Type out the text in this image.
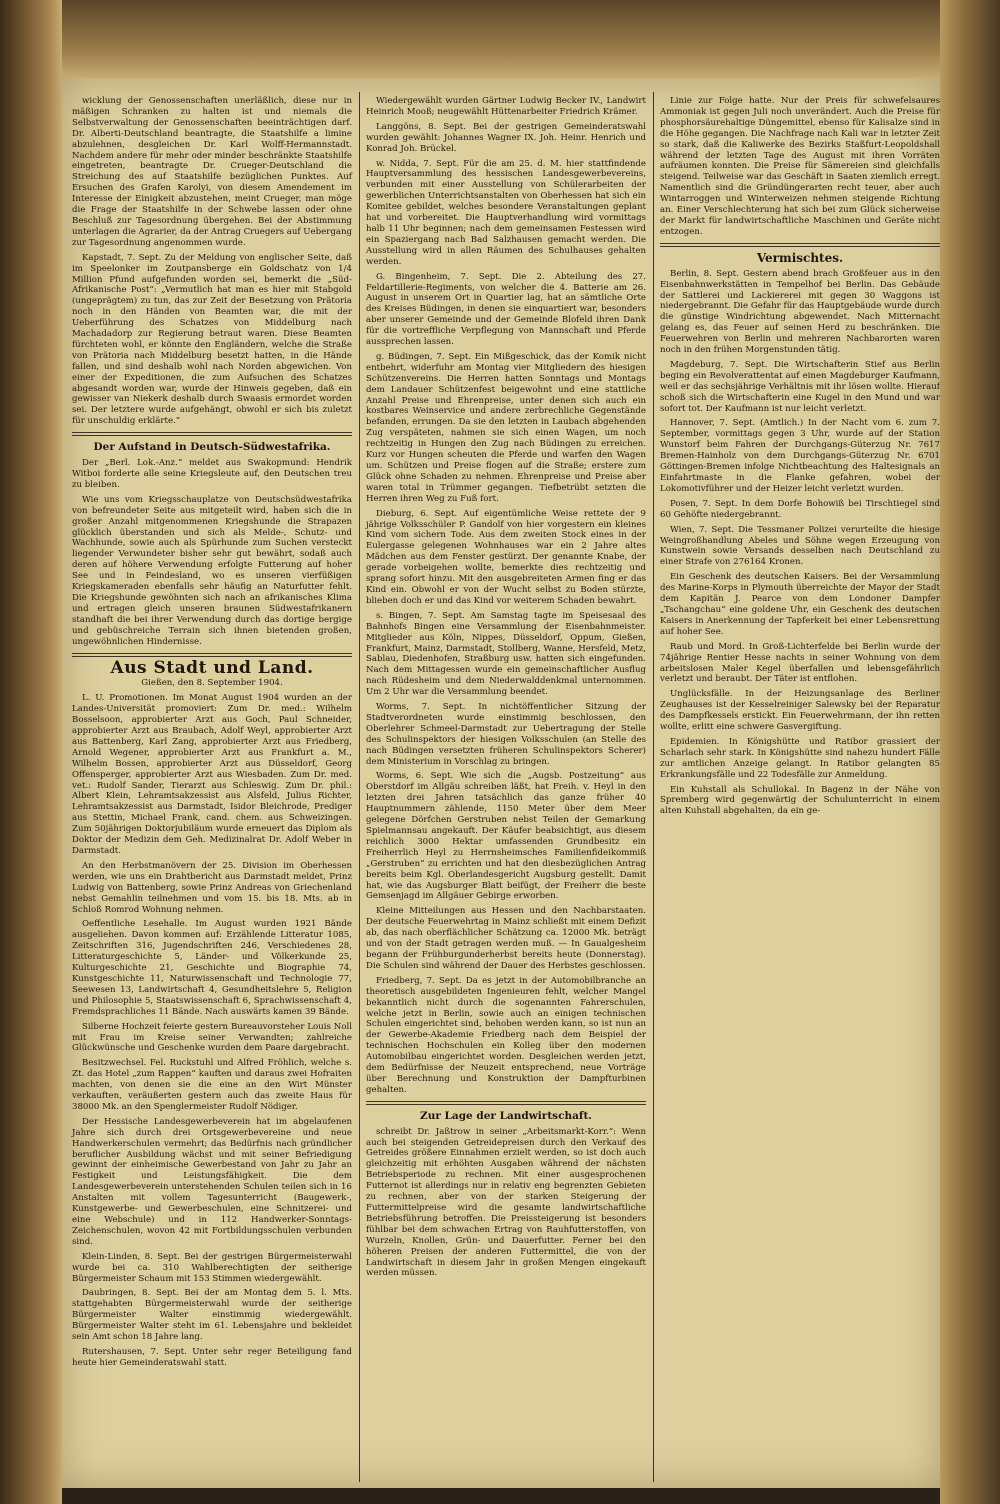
wicklung der Genossenschaften unerläßlich, diese nur in mäßigen Schranken zu halten ist und niemals die Selbstverwaltung der Genossenschaften beeinträchtigen darf. Dr. Alberti-Deutschland beantragte, die Staatshilfe a limine abzulehnen, desgleichen Dr. Karl Wolff-Hermannstadt. Nachdem andere für mehr oder minder beschränkte Staatshilfe eingetreten, beantragte Dr. Crueger-Deutschland die Streichung des auf Staatshilfe bezüglichen Punktes. Auf Ersuchen des Grafen Karolyi, von diesem Amendement im Interesse der Einigkeit abzustehen, meint Crueger, man möge die Frage der Staatshilfe in der Schwebe lassen oder ohne Beschluß zur Tagesordnung übergehen. Bei der Abstimmung unterlagen die Agrarier, da der Antrag Cruegers auf Uebergang zur Tagesordnung angenommen wurde.

Kapstadt, 7. Sept. Zu der Meldung von englischer Seite, daß im Speelonker im Zoutpansberge ein Goldschatz von 1/4 Million Pfund aufgefunden worden sei, bemerkt die „Süd-Afrikanische Post“: „Vermutlich hat man es hier mit Stabgold (ungeprägtem) zu tun, das zur Zeit der Besetzung von Prätoria noch in den Händen von Beamten war, die mit der Ueberführung des Schatzes von Middelburg nach Machadadorp zur Regierung betraut waren. Diese Beamten fürchteten wohl, er könnte den Engländern, welche die Straße von Prätoria nach Middelburg besetzt hatten, in die Hände fallen, und sind deshalb wohl nach Norden abgewichen. Von einer der Expeditionen, die zum Aufsuchen des Schatzes abgesandt worden war, wurde der Hinweis gegeben, daß ein gewisser van Niekerk deshalb durch Swaasis ermordet worden sei. Der letztere wurde aufgehängt, obwohl er sich bis zuletzt für unschuldig erklärte.“

Der Aufstand in Deutsch-Südwestafrika.

Der „Berl. Lok.-Anz.“ meldet aus Swakopmund: Hendrik Witboi forderte alle seine Kriegsleute auf, den Deutschen treu zu bleiben.

Wie uns vom Kriegsschauplatze von Deutschsüdwestafrika von befreundeter Seite aus mitgeteilt wird, haben sich die in großer Anzahl mitgenommenen Kriegshunde die Strapazen glücklich überstanden und sich als Melde-, Schutz- und Wachhunde, sowie auch als Spürhunde zum Suchen versteckt liegender Verwundeter bisher sehr gut bewährt, sodaß auch deren auf höhere Verwendung erfolgte Futterung auf hoher See und in Feindesland, wo es unseren vierfüßigen Kriegskameraden ebenfalls sehr häufig an Naturfutter fehlt. Die Kriegshunde gewöhnten sich nach an afrikanisches Klima und ertragen gleich unseren braunen Südwestafrikanern standhaft die bei ihrer Verwendung durch das dortige bergige und gebüschreiche Terrain sich ihnen bietenden großen, ungewöhnlichen Hindernisse.

Aus Stadt und Land.
Gießen, den 8. September 1904.

L. U. Promotionen. Im Monat August 1904 wurden an der Landes-Universität promoviert: Zum Dr. med.: Wilhelm Bosselsoon, approbierter Arzt aus Goch, Paul Schneider, approbierter Arzt aus Braubach, Adolf Weyl, approbierter Arzt aus Battenberg, Karl Zang, approbierter Arzt aus Friedberg, Arnold Wegener, approbierter Arzt aus Frankfurt a. M., Wilhelm Bossen, approbierter Arzt aus Düsseldorf, Georg Offensperger, approbierter Arzt aus Wiesbaden. Zum Dr. med. vet.: Rudolf Sander, Tierarzt aus Schleswig. Zum Dr. phil.: Albert Klein, Lehramtsakzessist aus Alsfeld, Julius Richter, Lehramtsakzessist aus Darmstadt, Isidor Bleichrode, Prediger aus Stettin, Michael Frank, cand. chem. aus Schweizingen. Zum 50jährigen Doktorjubiläum wurde erneuert das Diplom als Doktor der Medizin dem Geh. Medizinalrat Dr. Adolf Weber in Darmstadt.

An den Herbstmanövern der 25. Division im Oberhessen werden, wie uns ein Drahtbericht aus Darmstadt meldet, Prinz Ludwig von Battenberg, sowie Prinz Andreas von Griechenland nebst Gemahlin teilnehmen und vom 15. bis 18. Mts. ab in Schloß Romrod Wohnung nehmen.

Oeffentliche Lesehalle. Im August wurden 1921 Bände ausgeliehen. Davon kommen auf: Erzählende Litteratur 1085, Zeitschriften 316, Jugendschriften 246, Verschiedenes 28, Litteraturgeschichte 5, Länder- und Völkerkunde 25, Kulturgeschichte 21, Geschichte und Biographie 74, Kunstgeschichte 11, Naturwissenschaft und Technologie 77, Seewesen 13, Landwirtschaft 4, Gesundheitslehre 5, Religion und Philosophie 5, Staatswissenschaft 6, Sprachwissenschaft 4, Fremdsprachliches 11 Bände. Nach auswärts kamen 39 Bände.

Silberne Hochzeit feierte gestern Bureauvorsteher Louis Noll mit Frau im Kreise seiner Verwandten; zahlreiche Glückwünsche und Geschenke wurden dem Paare dargebracht.

Besitzwechsel. Fel. Ruckstuhl und Alfred Fröhlich, welche s. Zt. das Hotel „zum Rappen“ kauften und daraus zwei Hofraiten machten, von denen sie die eine an den Wirt Münster verkauften, veräußerten gestern auch das zweite Haus für 38000 Mk. an den Spenglermeister Rudolf Nödiger.

Der Hessische Landesgewerbeverein hat im abgelaufenen Jahre sich durch drei Ortsgewerbevereine und neue Handwerkerschulen vermehrt; das Bedürfnis nach gründlicher beruflicher Ausbildung wächst und mit seiner Befriedigung gewinnt der einheimische Gewerbestand von Jahr zu Jahr an Festigkeit und Leistungsfähigkeit. Die dem Landesgewerbeverein unterstehenden Schulen teilen sich in 16 Anstalten mit vollem Tagesunterricht (Baugewerk-, Kunstgewerbe- und Gewerbeschulen, eine Schnitzerei- und eine Webschule) und in 112 Handwerker-Sonntags-Zeichenschulen, wovon 42 mit Fortbildungsschulen verbunden sind.

Klein-Linden, 8. Sept. Bei der gestrigen Bürgermeisterwahl wurde bei ca. 310 Wahlberechtigten der seitherige Bürgermeister Schaum mit 153 Stimmen wiedergewählt.

Daubringen, 8. Sept. Bei der am Montag dem 5. l. Mts. stattgehabten Bürgermeisterwahl wurde der seitherige Bürgermeister Walter einstimmig wiedergewählt. Bürgermeister Walter steht im 61. Lebensjahre und bekleidet sein Amt schon 18 Jahre lang.

Rutershausen, 7. Sept. Unter sehr reger Beteiligung fand heute hier Gemeinderatswahl statt.

Wiedergewählt wurden Gärtner Ludwig Becker IV., Landwirt Heinrich Mooß; neugewählt Hüttenarbeiter Friedrich Krämer.

Langgöns, 8. Sept. Bei der gestrigen Gemeinderatswahl wurden gewählt: Johannes Wagner IX. Joh. Heinr. Henrich und Konrad Joh. Brückel.

w. Nidda, 7. Sept. Für die am 25. d. M. hier stattfindende Hauptversammlung des hessischen Landesgewerbevereins, verbunden mit einer Ausstellung von Schülerarbeiten der gewerblichen Unterrichtsanstalten von Oberhessen hat sich ein Komitee gebildet, welches besondere Veranstaltungen geplant hat und vorbereitet. Die Hauptverhandlung wird vormittags halb 11 Uhr beginnen; nach dem gemeinsamen Festessen wird ein Spaziergang nach Bad Salzhausen gemacht werden. Die Ausstellung wird in allen Räumen des Schulhauses gehalten werden.

G. Bingenheim, 7. Sept. Die 2. Abteilung des 27. Feldartillerie-Regiments, von welcher die 4. Batterie am 26. August in unserem Ort in Quartier lag, hat an sämtliche Orte des Kreises Büdingen, in denen sie einquartiert war, besonders aber unserer Gemeinde und der Gemeinde Blofeld ihren Dank für die vortreffliche Verpflegung von Mannschaft und Pferde aussprechen lassen.

g. Büdingen, 7. Sept. Ein Mißgeschick, das der Komik nicht entbehrt, widerfuhr am Montag vier Mitgliedern des hiesigen Schützenvereins. Die Herren hatten Sonntags und Montags dem Landauer Schützenfest beigewohnt und eine stattliche Anzahl Preise und Ehrenpreise, unter denen sich auch ein kostbares Weinservice und andere zerbrechliche Gegenstände befanden, errungen. Da sie den letzten in Laubach abgehenden Zug verspäteten, nahmen sie sich einen Wagen, um noch rechtzeitig in Hungen den Zug nach Büdingen zu erreichen. Kurz vor Hungen scheuten die Pferde und warfen den Wagen um. Schützen und Preise flogen auf die Straße; erstere zum Glück ohne Schaden zu nehmen. Ehrenpreise und Preise aber waren total in Trümmer gegangen. Tiefbetrübt setzten die Herren ihren Weg zu Fuß fort.

Dieburg, 6. Sept. Auf eigentümliche Weise rettete der 9 jährige Volksschüler P. Gandolf von hier vorgestern ein kleines Kind vom sichern Tode. Aus dem zweiten Stock eines in der Eulergasse gelegenen Wohnhauses war ein 2 Jahre altes Mädchen aus dem Fenster gestürzt. Der genannte Knabe, der gerade vorbeigehen wollte, bemerkte dies rechtzeitig und sprang sofort hinzu. Mit den ausgebreiteten Armen fing er das Kind ein. Obwohl er von der Wucht selbst zu Boden stürzte, blieben doch er und das Kind vor weiterem Schaden bewahrt.

s. Bingen, 7. Sept. Am Samstag tagte im Speisesaal des Bahnhofs Bingen eine Versammlung der Eisenbahnmeister. Mitglieder aus Köln, Nippes, Düsseldorf, Oppum, Gießen, Frankfurt, Mainz, Darmstadt, Stollberg, Wanne, Hersfeld, Metz, Sablau, Diedenhofen, Straßburg usw. hatten sich eingefunden. Nach dem Mittagessen wurde ein gemeinschaftlicher Ausflug nach Rüdesheim und dem Niederwalddenkmal unternommen. Um 2 Uhr war die Versammlung beendet.

Worms, 7. Sept. In nichtöffentlicher Sitzung der Stadtverordneten wurde einstimmig beschlossen, den Oberlehrer Schmeel-Darmstadt zur Uebertragung der Stelle des Schulinspektors der hiesigen Volksschulen (an Stelle des nach Büdingen versetzten früheren Schulinspektors Scherer) dem Ministerium in Vorschlag zu bringen.

Worms, 6. Sept. Wie sich die „Augsb. Postzeitung“ aus Oberstdorf im Allgäu schreiben läßt, hat Freih. v. Heyl in den letzten drei Jahren tatsächlich das ganze früher 40 Hauptnummern zählende, 1150 Meter über dem Meer gelegene Dörfchen Gerstruben nebst Teilen der Gemarkung Spielmannsau angekauft. Der Käufer beabsichtigt, aus diesem reichlich 3000 Hektar umfassenden Grundbesitz ein Freiherrlich Heyl zu Herrnsheimsches Familienfideikommiß „Gerstruben“ zu errichten und hat den diesbezüglichen Antrag bereits beim Kgl. Oberlandesgericht Augsburg gestellt. Damit hat, wie das Augsburger Blatt beifügt, der Freiherr die beste Gemsenjagd im Allgäuer Gebirge erworben.

Kleine Mitteilungen aus Hessen und den Nachbarstaaten. Der deutsche Feuerwehrtag in Mainz schließt mit einem Defizit ab, das nach oberflächlicher Schätzung ca. 12000 Mk. beträgt und von der Stadt getragen werden muß. — In Gaualgesheim begann der Frühburgunderherbst bereits heute (Donnerstag). Die Schulen sind während der Dauer des Herbstes geschlossen.

Friedberg, 7. Sept. Da es jetzt in der Automobilbranche an theoretisch ausgebildeten Ingenieuren fehlt, welcher Mangel bekanntlich nicht durch die sogenannten Fahrerschulen, welche jetzt in Berlin, sowie auch an einigen technischen Schulen eingerichtet sind, behoben werden kann, so ist nun an der Gewerbe-Akademie Friedberg nach dem Beispiel der technischen Hochschulen ein Kolleg über den modernen Automobilbau eingerichtet worden. Desgleichen werden jetzt, dem Bedürfnisse der Neuzeit entsprechend, neue Vorträge über Berechnung und Konstruktion der Dampfturbinen gehalten.

Zur Lage der Landwirtschaft.

schreibt Dr. Jaßtrow in seiner „Arbeitsmarkt-Korr.“: Wenn auch bei steigenden Getreidepreisen durch den Verkauf des Getreides größere Einnahmen erzielt werden, so ist doch auch gleichzeitig mit erhöhten Ausgaben während der nächsten Betriebsperiode zu rechnen. Mit einer ausgesprochenen Futternot ist allerdings nur in relativ eng begrenzten Gebieten zu rechnen, aber von der starken Steigerung der Futtermittelpreise wird die gesamte landwirtschaftliche Betriebsführung betroffen. Die Preissteigerung ist besonders fühlbar bei dem schwachen Ertrag von Rauhfutterstoffen, von Wurzeln, Knollen, Grün- und Dauerfutter. Ferner bei den höheren Preisen der anderen Futtermittel, die von der Landwirtschaft in diesem Jahr in großen Mengen eingekauft werden müssen.

Linie zur Folge hatte. Nur der Preis für schwefelsaures Ammoniak ist gegen Juli noch unverändert. Auch die Preise für phosphorsäurehaltige Düngemittel, ebenso für Kalisalze sind in die Höhe gegangen. Die Nachfrage nach Kali war in letzter Zeit so stark, daß die Kaliwerke des Bezirks Staßfurt-Leopoldshall während der letzten Tage des August mit ihren Vorräten aufräumen konnten. Die Preise für Sämereien sind gleichfalls steigend. Teilweise war das Geschäft in Saaten ziemlich erregt. Namentlich sind die Gründüngerarten recht teuer, aber auch Wintarroggen und Winterweizen nehmen steigende Richtung an. Einer Verschlechterung hat sich bei zum Glück sicherweise der Markt für landwirtschaftliche Maschinen und Geräte nicht entzogen.

Vermischtes.

Berlin, 8. Sept. Gestern abend brach Großfeuer aus in den Eisenbahnwerkstätten in Tempelhof bei Berlin. Das Gebäude der Sattlerei und Lackiererei mit gegen 30 Waggons ist niedergebrannt. Die Gefahr für das Hauptgebäude wurde durch die günstige Windrichtung abgewendet. Nach Mitternacht gelang es, das Feuer auf seinen Herd zu beschränken. Die Feuerwehren von Berlin und mehreren Nachbarorten waren noch in den frühen Morgenstunden tätig.

Magdeburg, 7. Sept. Die Wirtschafterin Stief aus Berlin beging ein Revolverattentat auf einen Magdeburger Kaufmann, weil er das sechsjährige Verhältnis mit ihr lösen wollte. Hierauf schoß sich die Wirtschafterin eine Kugel in den Mund und war sofort tot. Der Kaufmann ist nur leicht verletzt.

Hannover, 7. Sept. (Amtlich.) In der Nacht vom 6. zum 7. September, vormittags gegen 3 Uhr, wurde auf der Station Wunstorf beim Fahren der Durchgangs-Güterzug Nr. 7617 Bremen-Hainholz von dem Durchgangs-Güterzug Nr. 6701 Göttingen-Bremen infolge Nichtbeachtung des Haltesignals an Einfahrtmaste in die Flanke gefahren, wobei der Lokomotivführer und der Heizer leicht verletzt wurden.

Posen, 7. Sept. In dem Dorfe Bohowiß bei Tirschtiegel sind 60 Gehöfte niedergebrannt.

Wien, 7. Sept. Die Tessmaner Polizei verurteilte die hiesige Weingroßhandlung Abeles und Söhne wegen Erzeugung von Kunstwein sowie Versands desselben nach Deutschland zu einer Strafe von 276164 Kronen.

Ein Geschenk des deutschen Kaisers. Bei der Versammlung des Marine-Korps in Plymouth überreichte der Mayor der Stadt dem Kapitän J. Pearce von dem Londoner Dampfer „Tschangchau“ eine goldene Uhr, ein Geschenk des deutschen Kaisers in Anerkennung der Tapferkeit bei einer Lebensrettung auf hoher See.

Raub und Mord. In Groß-Lichterfelde bei Berlin wurde der 74jährige Rentier Hesse nachts in seiner Wohnung von dem arbeitslosen Maler Kegel überfallen und lebensgefährlich verletzt und beraubt. Der Täter ist entflohen.

Unglücksfälle. In der Heizungsanlage des Berliner Zeughauses ist der Kesselreiniger Salewsky bei der Reparatur des Dampfkessels erstickt. Ein Feuerwehrmann, der ihn retten wollte, erlitt eine schwere Gasvergiftung.

Epidemien. In Königshütte und Ratibor grassiert der Scharlach sehr stark. In Königshütte sind nahezu hundert Fälle zur amtlichen Anzeige gelangt. In Ratibor gelangten 85 Erkrankungsfälle und 22 Todesfälle zur Anmeldung.

Ein Kuhstall als Schullokal. In Bagenz in der Nähe von Spremberg wird gegenwärtig der Schulunterricht in einem alten Kuhstall abgehalten, da ein ge-
